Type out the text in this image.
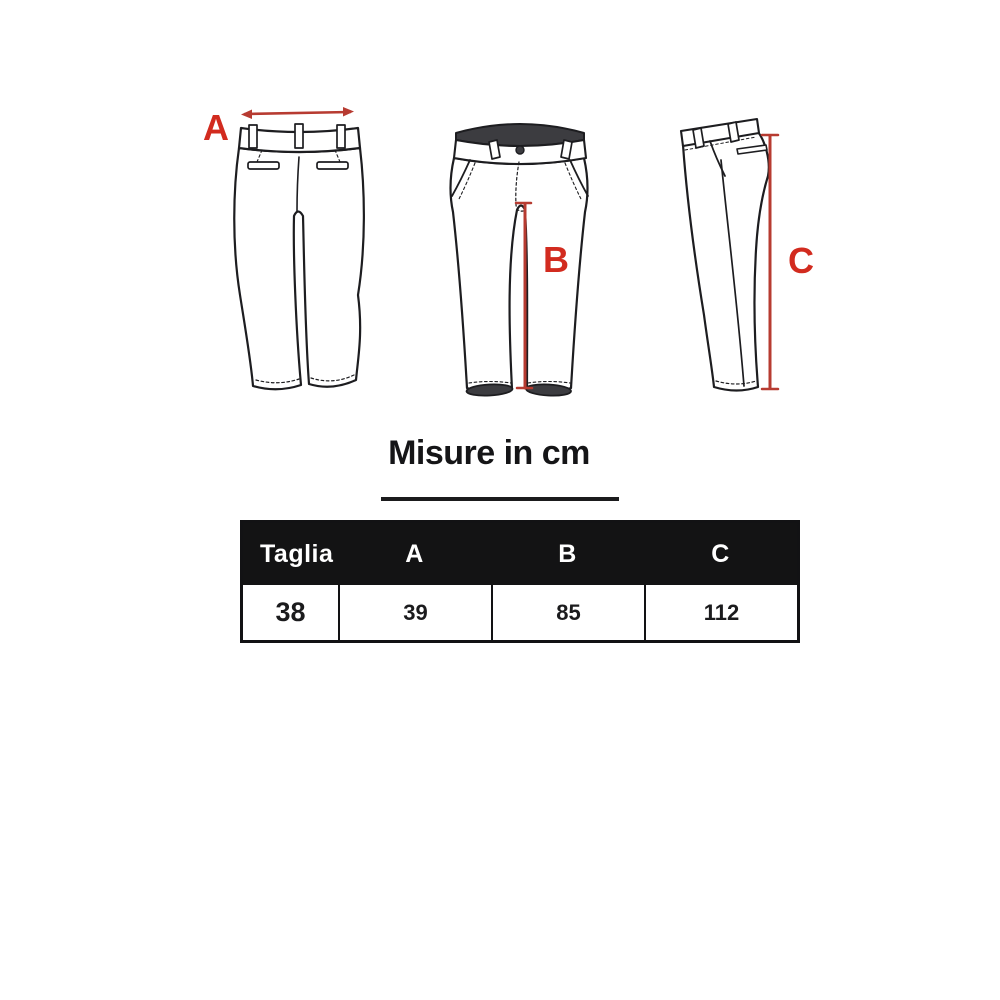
A
B	C
Misure in cm
Taglia	A	B	C
38	39	85	112
